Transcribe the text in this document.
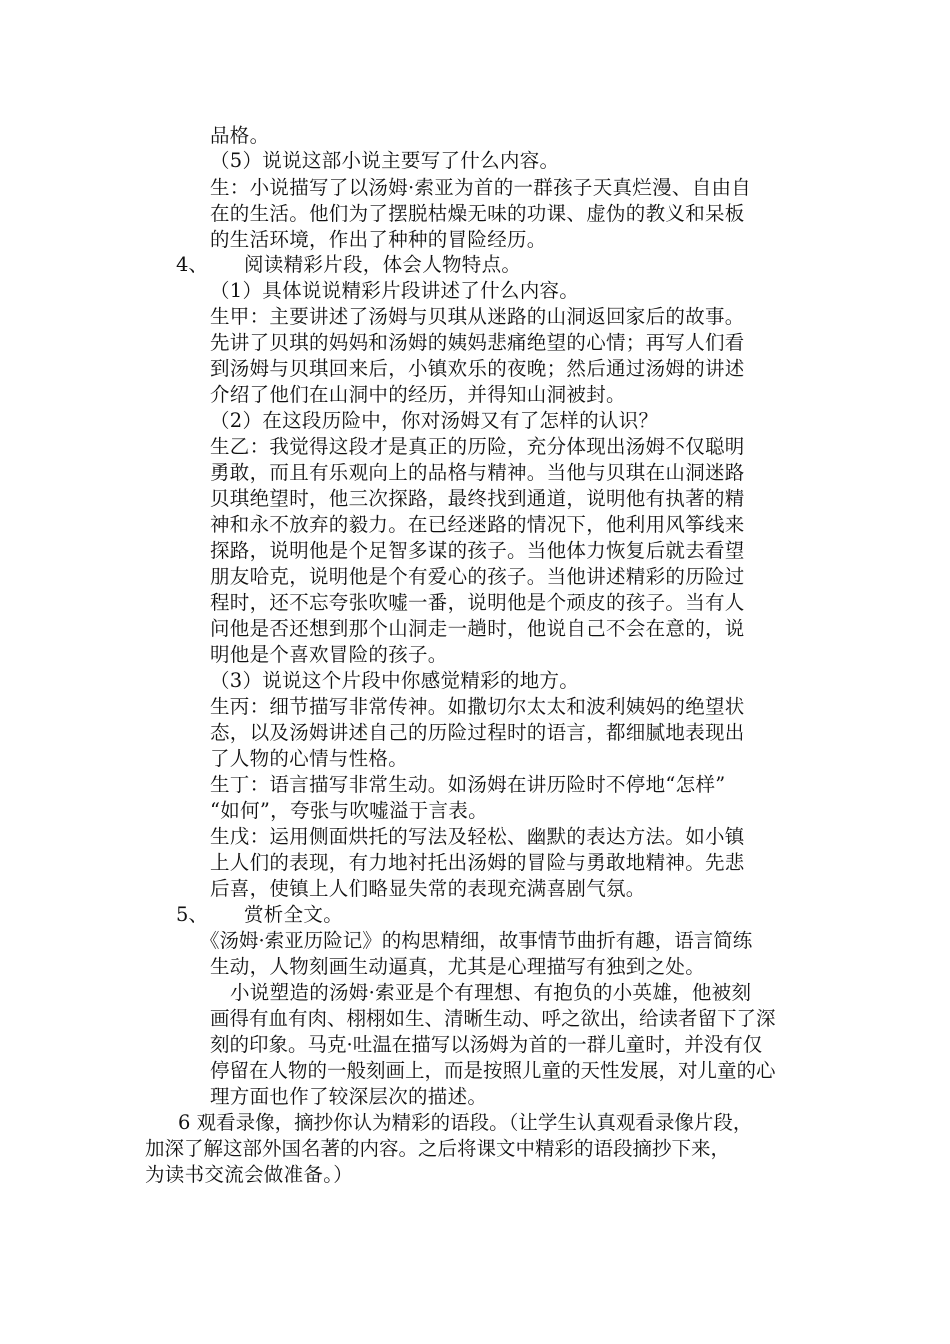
品格。
（5）说说这部小说主要写了什么内容。
生：小说描写了以汤姆·索亚为首的一群孩子天真烂漫、自由自
在的生活。他们为了摆脱枯燥无味的功课、虚伪的教义和呆板
的生活环境，作出了种种的冒险经历。
4、 阅读精彩片段，体会人物特点。
（1）具体说说精彩片段讲述了什么内容。
生甲：主要讲述了汤姆与贝琪从迷路的山洞返回家后的故事。
先讲了贝琪的妈妈和汤姆的姨妈悲痛绝望的心情；再写人们看
到汤姆与贝琪回来后，小镇欢乐的夜晚；然后通过汤姆的讲述
介绍了他们在山洞中的经历，并得知山洞被封。
（2）在这段历险中，你对汤姆又有了怎样的认识？
生乙：我觉得这段才是真正的历险，充分体现出汤姆不仅聪明
勇敢，而且有乐观向上的品格与精神。当他与贝琪在山洞迷路
贝琪绝望时，他三次探路，最终找到通道，说明他有执著的精
神和永不放弃的毅力。在已经迷路的情况下，他利用风筝线来
探路，说明他是个足智多谋的孩子。当他体力恢复后就去看望
朋友哈克，说明他是个有爱心的孩子。当他讲述精彩的历险过
程时，还不忘夸张吹嘘一番，说明他是个顽皮的孩子。当有人
问他是否还想到那个山洞走一趟时，他说自己不会在意的，说
明他是个喜欢冒险的孩子。
（3）说说这个片段中你感觉精彩的地方。
生丙：细节描写非常传神。如撒切尔太太和波利姨妈的绝望状
态，以及汤姆讲述自己的历险过程时的语言，都细腻地表现出
了人物的心情与性格。
生丁：语言描写非常生动。如汤姆在讲历险时不停地“怎样”
“如何”，夸张与吹嘘溢于言表。
生戊：运用侧面烘托的写法及轻松、幽默的表达方法。如小镇
上人们的表现，有力地衬托出汤姆的冒险与勇敢地精神。先悲
后喜，使镇上人们略显失常的表现充满喜剧气氛。
5、 赏析全文。
《汤姆·索亚历险记》的构思精细，故事情节曲折有趣，语言简练
生动，人物刻画生动逼真，尤其是心理描写有独到之处。
小说塑造的汤姆·索亚是个有理想、有抱负的小英雄，他被刻
画得有血有肉、栩栩如生、清晰生动、呼之欲出，给读者留下了深
刻的印象。马克·吐温在描写以汤姆为首的一群儿童时，并没有仅
停留在人物的一般刻画上，而是按照儿童的天性发展，对儿童的心
理方面也作了较深层次的描述。
6 观看录像，摘抄你认为精彩的语段。（让学生认真观看录像片段，
加深了解这部外国名著的内容。之后将课文中精彩的语段摘抄下来，
为读书交流会做准备。）
